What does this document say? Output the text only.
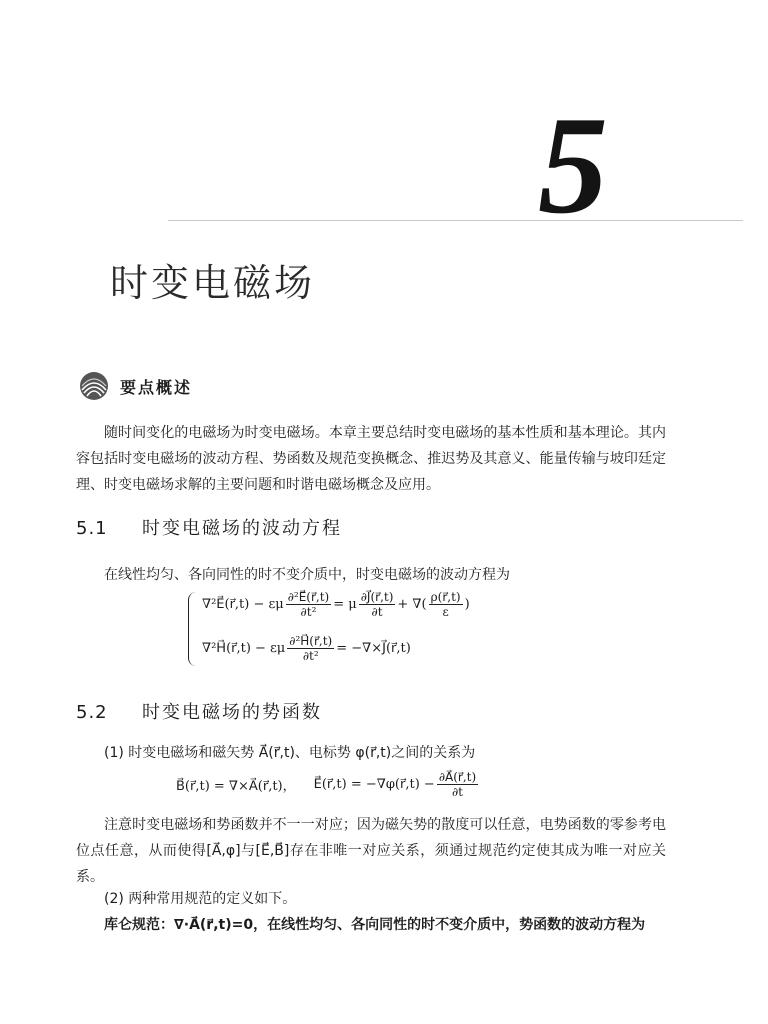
5
时变电磁场
要点概述

随时间变化的电磁场为时变电磁场。本章主要总结时变电磁场的基本性质和基本理论。其内容包括时变电磁场的波动方程、势函数及规范变换概念、推迟势及其意义、能量传输与坡印廷定理、时变电磁场求解的主要问题和时谐电磁场概念及应用。

5.1 时变电磁场的波动方程

在线性均匀、各向同性的时不变介质中，时变电磁场的波动方程为

∇²E⃗(r⃗,t) − εμ $\frac{\text{∂²E⃗(r⃗,t)}}{\text{∂t²}} = \mu \frac{\partial J⃗(r⃗,t)}{\partial t}$ + ∇( $\frac{\rho(r⃗,t)}{\varepsilon}$ )
∇²H⃗(r⃗,t) − εμ $\frac{\text{∂²H⃗(r⃗,t)}}{\text{∂t²}}$ = −∇×J⃗(r⃗,t)
5.2 时变电磁场的势函数

(1) 时变电磁场和磁矢势 A⃗(r⃗,t)、电标势 φ(r⃗,t)之间的关系为

B⃗(r⃗,t) = ∇×A⃗(r⃗,t)， E⃗(r⃗,t) = −∇φ(r⃗,t) − $\frac{\partial A⃗(r⃗,t)}{\partial t}$

注意时变电磁场和势函数并不一一对应；因为磁矢势的散度可以任意，电势函数的零参考电位点任意，从而使得[A⃗,φ]与[E⃗,B⃗]存在非唯一对应关系，须通过规范约定使其成为唯一对应关系。

(2) 两种常用规范的定义如下。

库仑规范：∇·A⃗(r⃗,t)=0，在线性均匀、各向同性的时不变介质中，势函数的波动方程为
